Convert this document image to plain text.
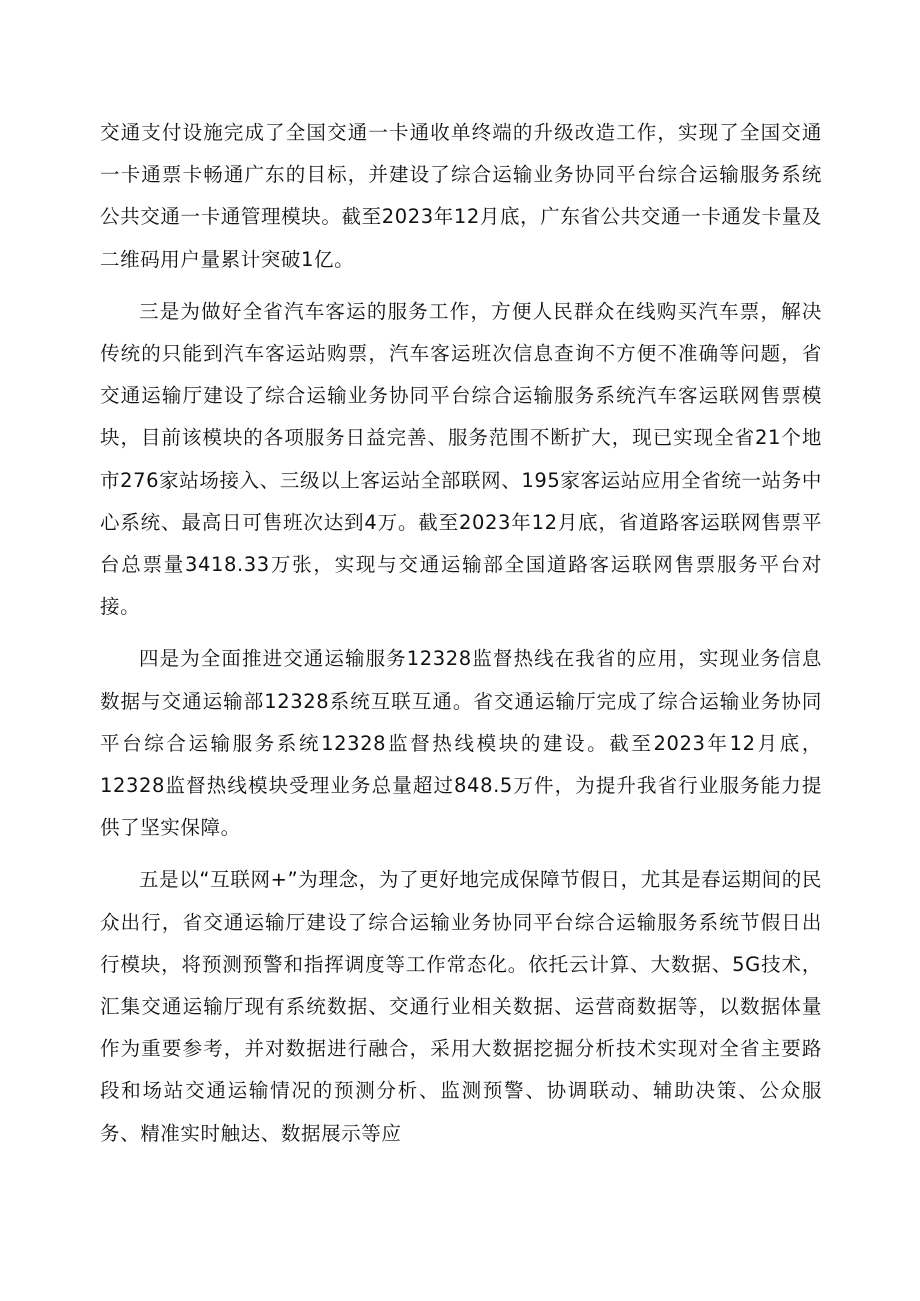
交通支付设施完成了全国交通一卡通收单终端的升级改造工作，实现了全国交通一卡通票卡畅通广东的目标，并建设了综合运输业务协同平台综合运输服务系统公共交通一卡通管理模块。截至2023年12月底，广东省公共交通一卡通发卡量及二维码用户量累计突破1亿。

三是为做好全省汽车客运的服务工作，方便人民群众在线购买汽车票，解决传统的只能到汽车客运站购票，汽车客运班次信息查询不方便不准确等问题，省交通运输厅建设了综合运输业务协同平台综合运输服务系统汽车客运联网售票模块，目前该模块的各项服务日益完善、服务范围不断扩大，现已实现全省21个地市276家站场接入、三级以上客运站全部联网、195家客运站应用全省统一站务中心系统、最高日可售班次达到4万。截至2023年12月底，省道路客运联网售票平台总票量3418.33万张，实现与交通运输部全国道路客运联网售票服务平台对接。

四是为全面推进交通运输服务12328监督热线在我省的应用，实现业务信息数据与交通运输部12328系统互联互通。省交通运输厅完成了综合运输业务协同平台综合运输服务系统12328监督热线模块的建设。截至2023年12月底，12328监督热线模块受理业务总量超过848.5万件，为提升我省行业服务能力提供了坚实保障。

五是以“互联网+”为理念，为了更好地完成保障节假日，尤其是春运期间的民众出行，省交通运输厅建设了综合运输业务协同平台综合运输服务系统节假日出行模块，将预测预警和指挥调度等工作常态化。依托云计算、大数据、5G技术，汇集交通运输厅现有系统数据、交通行业相关数据、运营商数据等，以数据体量作为重要参考，并对数据进行融合，采用大数据挖掘分析技术实现对全省主要路段和场站交通运输情况的预测分析、监测预警、协调联动、辅助决策、公众服务、精准实时触达、数据展示等应
